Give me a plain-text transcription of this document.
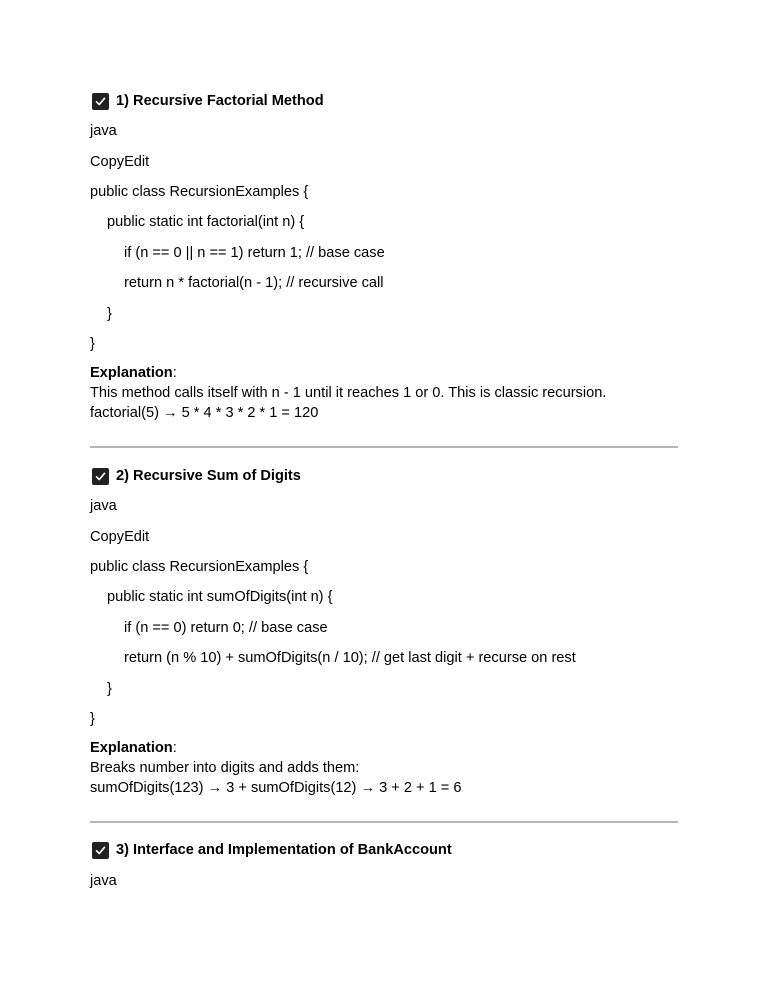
1) Recursive Factorial Method
java
CopyEdit
public class RecursionExamples {
public static int factorial(int n) {
if (n == 0 || n == 1) return 1; // base case
return n * factorial(n - 1); // recursive call
}
}
Explanation:
This method calls itself with n - 1 until it reaches 1 or 0. This is classic recursion.
factorial(5) → 5 * 4 * 3 * 2 * 1 = 120
2) Recursive Sum of Digits
java
CopyEdit
public class RecursionExamples {
public static int sumOfDigits(int n) {
if (n == 0) return 0; // base case
return (n % 10) + sumOfDigits(n / 10); // get last digit + recurse on rest
}
}
Explanation:
Breaks number into digits and adds them:
sumOfDigits(123) → 3 + sumOfDigits(12) → 3 + 2 + 1 = 6
3) Interface and Implementation of BankAccount
java
